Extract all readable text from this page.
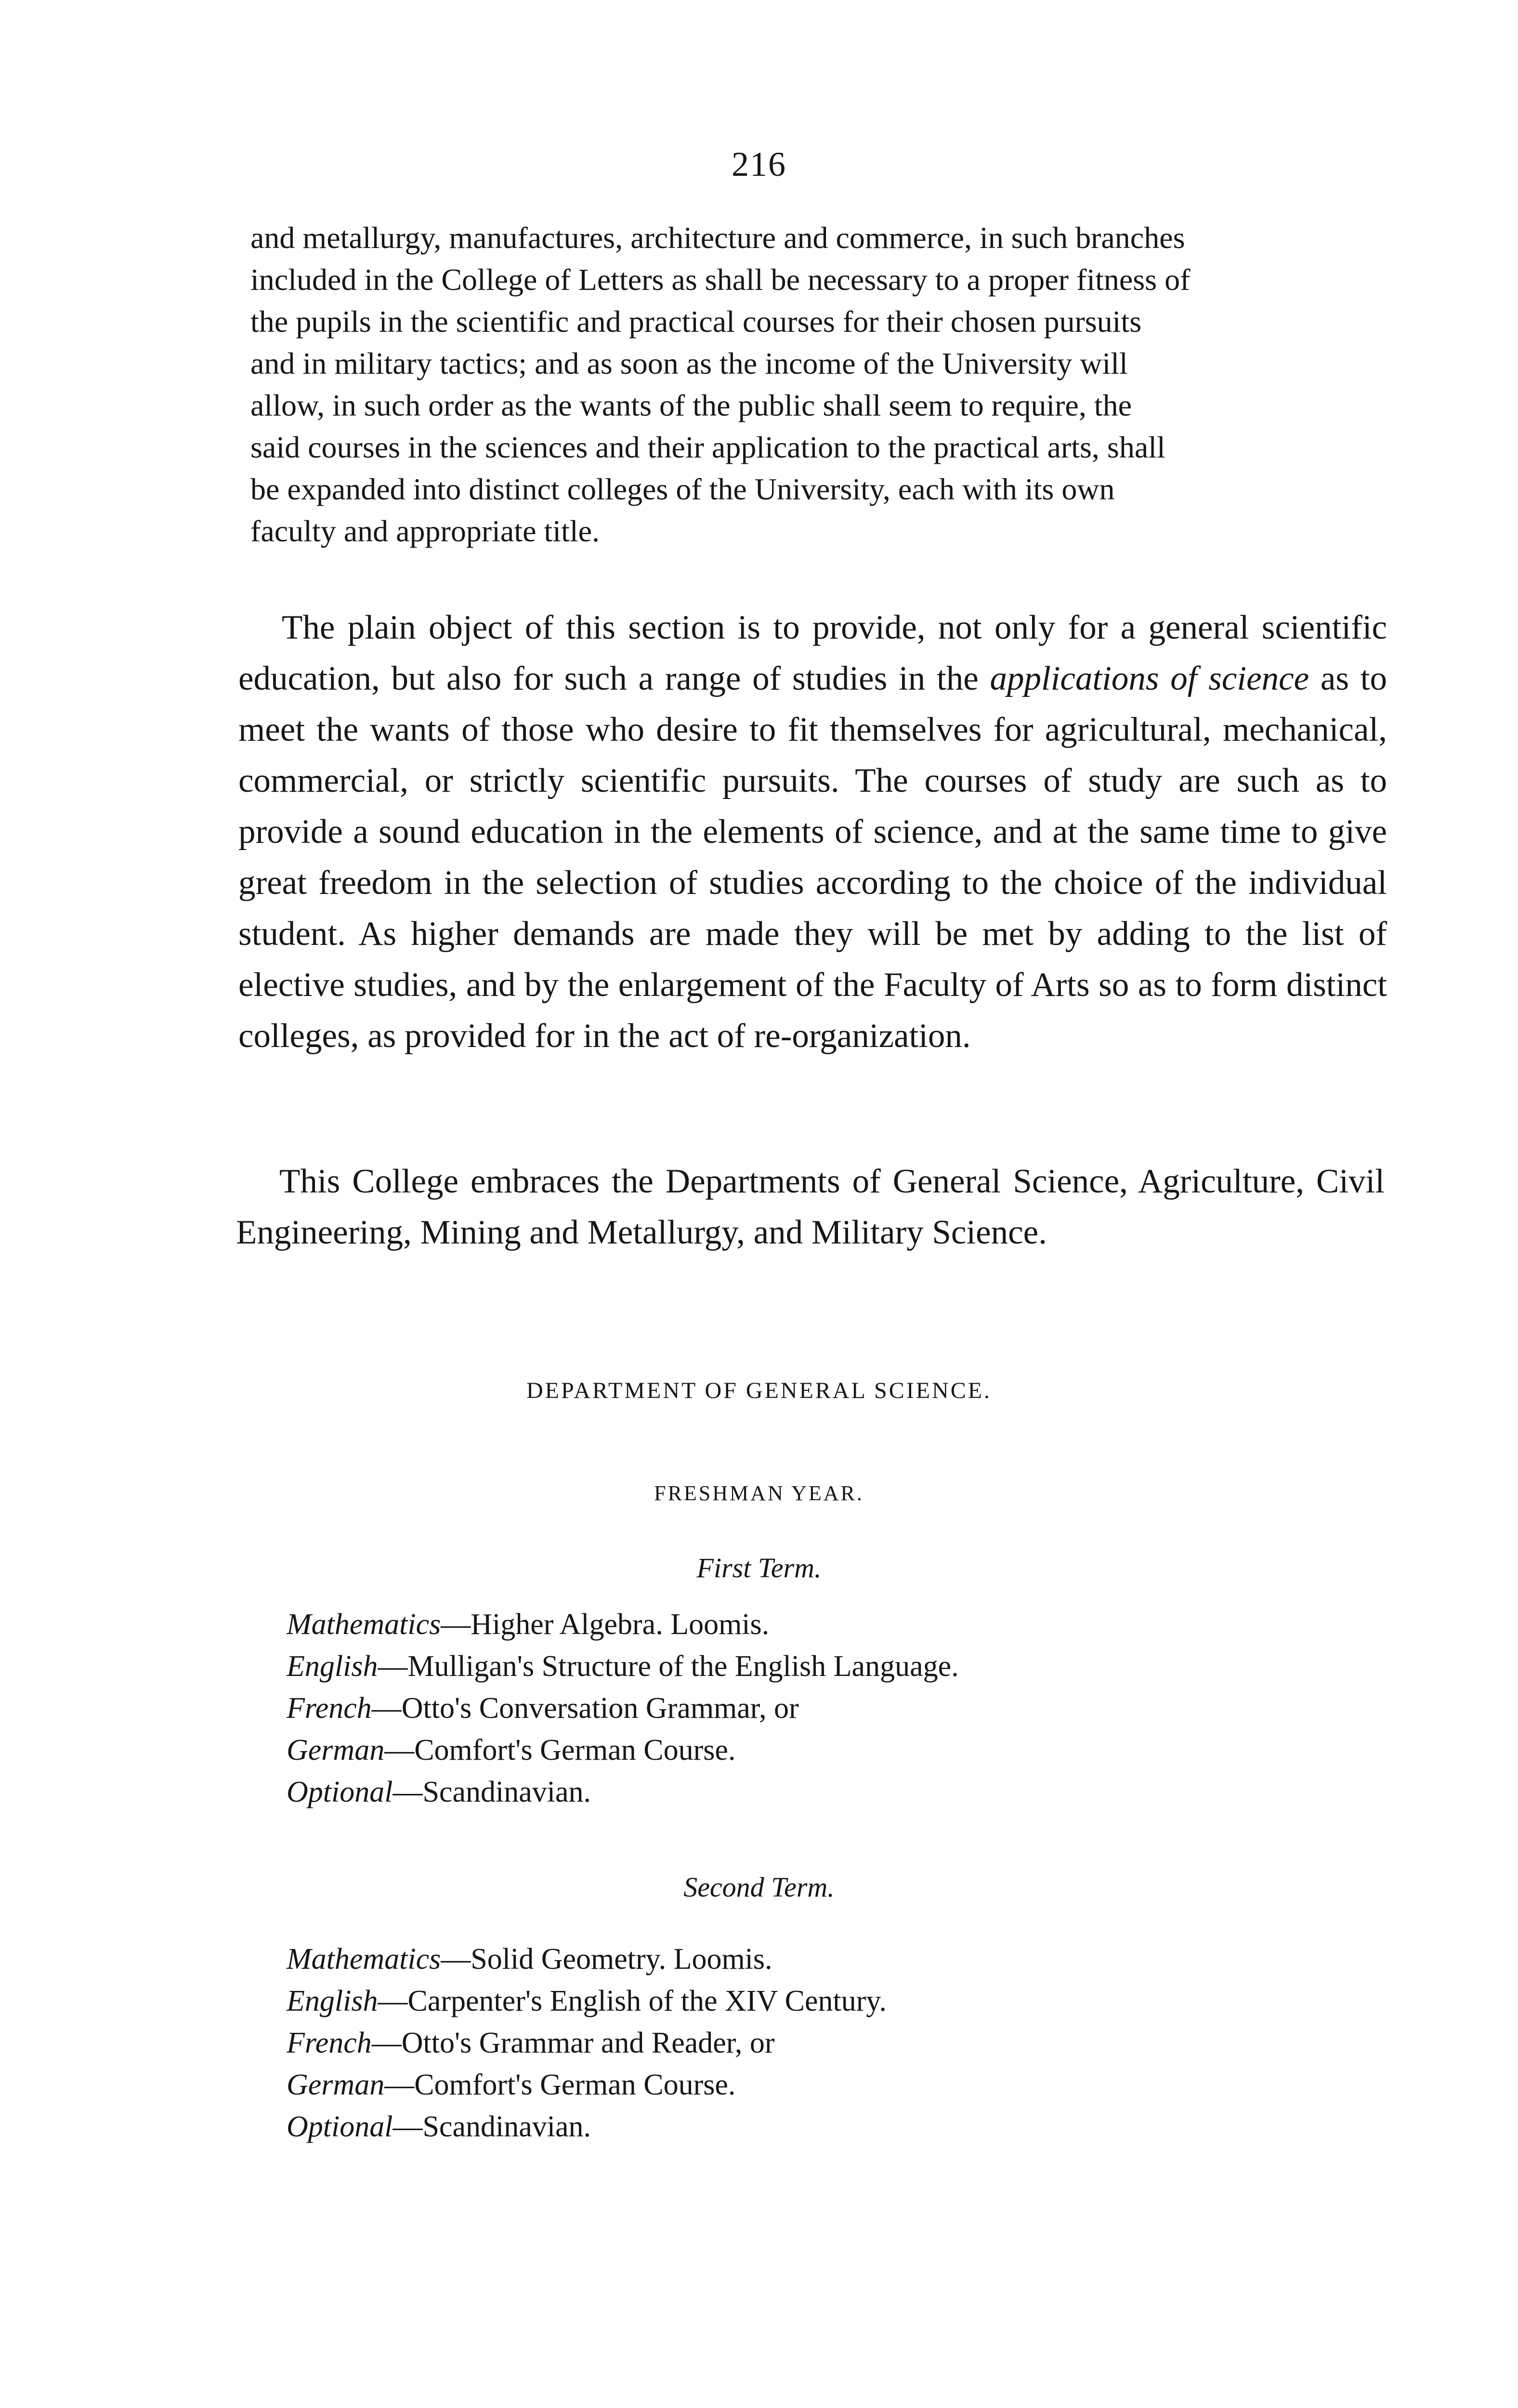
216

and metallurgy, manufactures, architecture and commerce, in such branches

included in the College of Letters as shall be necessary to a proper fitness of

the pupils in the scientific and practical courses for their chosen pursuits

and in military tactics; and as soon as the income of the University will

allow, in such order as the wants of the public shall seem to require, the

said courses in the sciences and their application to the practical arts, shall

be expanded into distinct colleges of the University, each with its own

faculty and appropriate title.

The plain object of this section is to provide, not only for a general scientific education, but also for such a range of studies in the applications of science as to meet the wants of those who desire to fit themselves for agricultural, mechanical, commercial, or strictly scientific pursuits. The courses of study are such as to provide a sound education in the elements of science, and at the same time to give great freedom in the selection of studies according to the choice of the individual student. As higher demands are made they will be met by adding to the list of elective studies, and by the enlargement of the Faculty of Arts so as to form distinct colleges, as provided for in the act of re-organization.

This College embraces the Departments of General Science, Agriculture, Civil Engineering, Mining and Metallurgy, and Military Science.

DEPARTMENT OF GENERAL SCIENCE.
FRESHMAN YEAR.
First Term.
Mathematics—Higher Algebra. Loomis.
English—Mulligan's Structure of the English Language.
French—Otto's Conversation Grammar, or
German—Comfort's German Course.
Optional—Scandinavian.
Second Term.
Mathematics—Solid Geometry. Loomis.
English—Carpenter's English of the XIV Century.
French—Otto's Grammar and Reader, or
German—Comfort's German Course.
Optional—Scandinavian.
